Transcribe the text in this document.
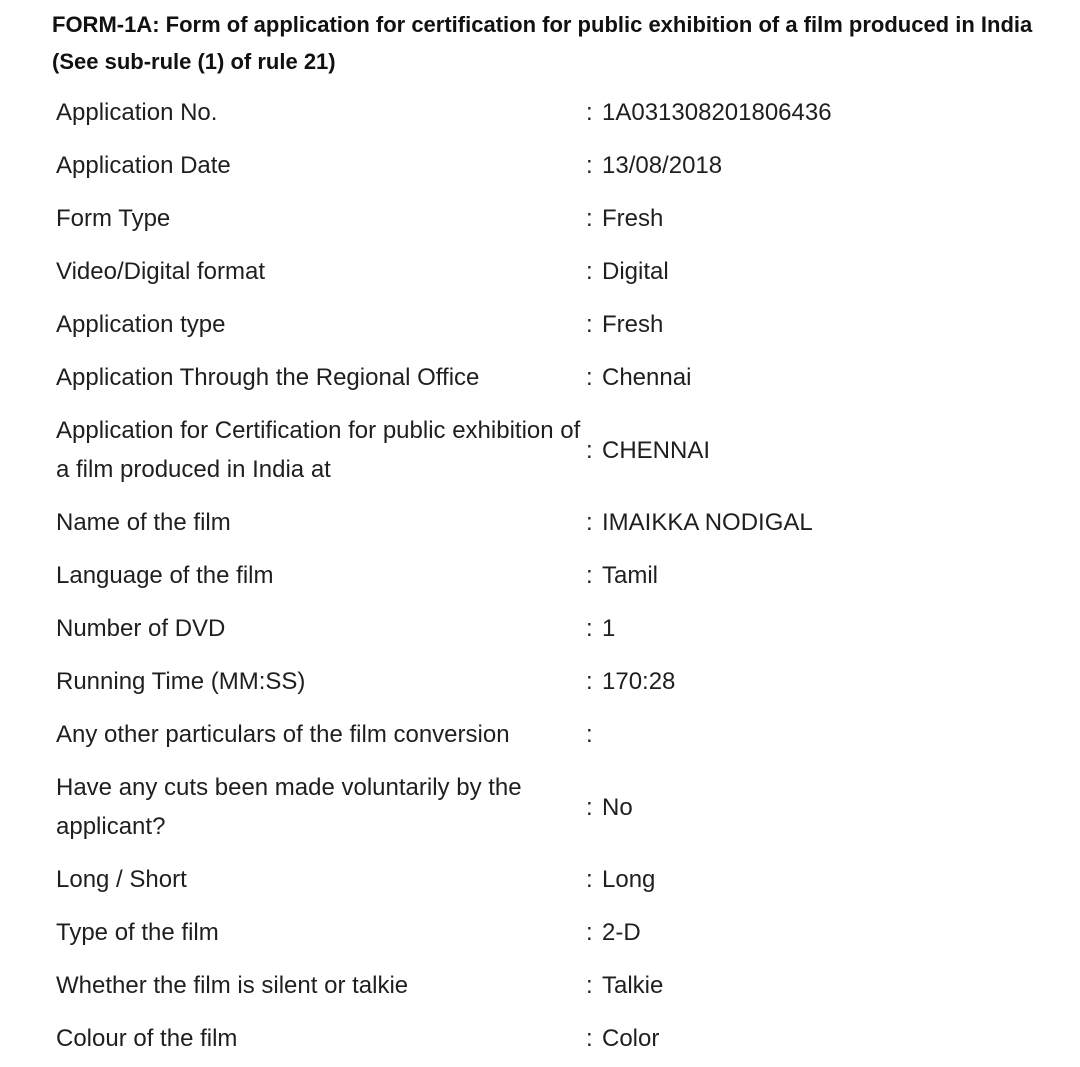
FORM-1A: Form of application for certification for public exhibition of a film produced in India (See sub-rule (1) of rule 21)
Application No.	: 1A031308201806436
Application Date	: 13/08/2018
Form Type	: Fresh
Video/Digital format	: Digital
Application type	: Fresh
Application Through the Regional Office	: Chennai
Application for Certification for public exhibition of a film produced in India at
: CHENNAI
Name of the film	: IMAIKKA NODIGAL
Language of the film	: Tamil
Number of DVD	: 1
Running Time (MM:SS)	: 170:28
Any other particulars of the film conversion	:
Have any cuts been made voluntarily by the applicant?
: No
Long / Short	: Long
Type of the film	: 2-D
Whether the film is silent or talkie	: Talkie
Colour of the film	: Color
